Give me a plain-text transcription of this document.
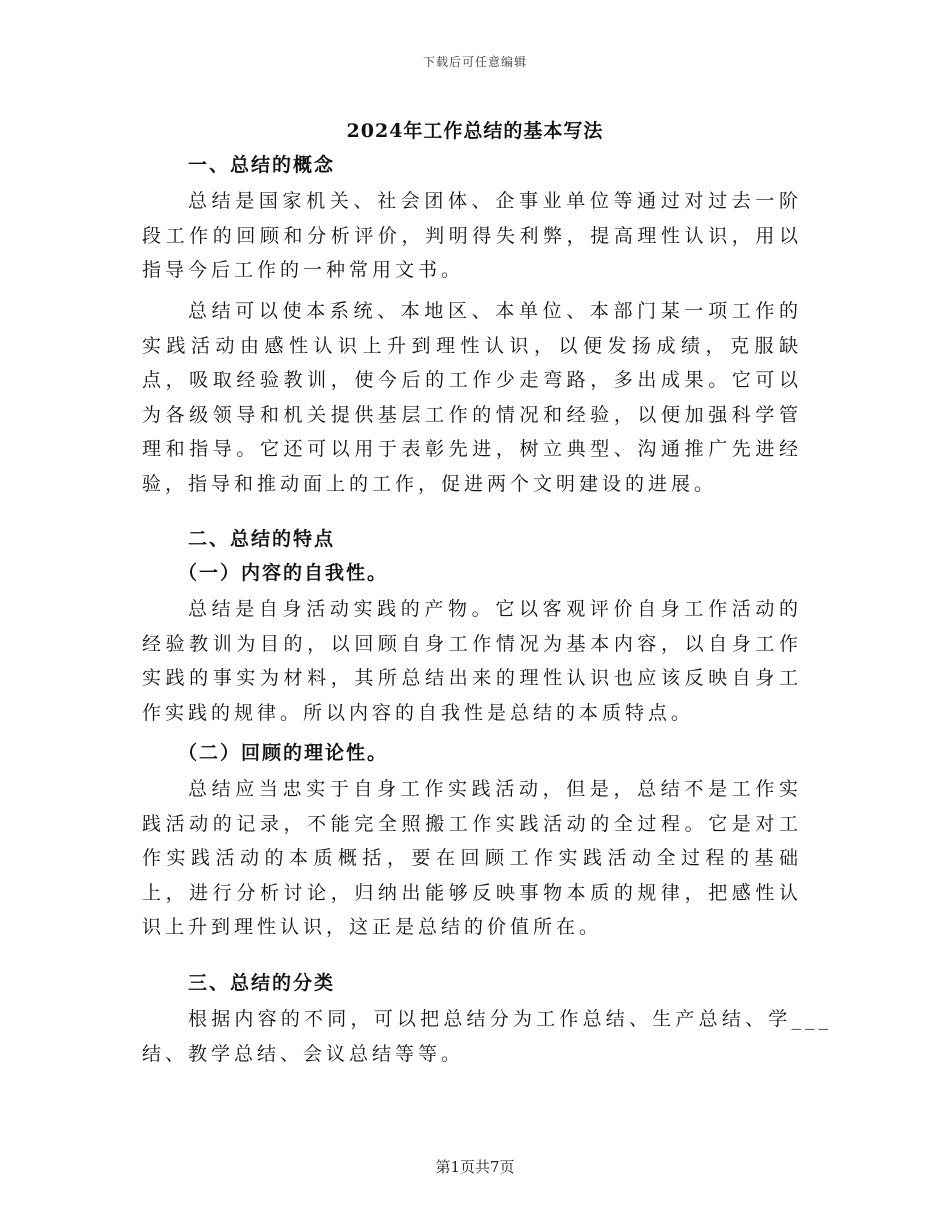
下载后可任意编辑
2024年工作总结的基本写法
一、总结的概念

总结是国家机关、社会团体、企事业单位等通过对过去一阶段工作的回顾和分析评价，判明得失利弊，提高理性认识，用以指导今后工作的一种常用文书。

总结可以使本系统、本地区、本单位、本部门某一项工作的实践活动由感性认识上升到理性认识，以便发扬成绩，克服缺点，吸取经验教训，使今后的工作少走弯路，多出成果。它可以为各级领导和机关提供基层工作的情况和经验，以便加强科学管理和指导。它还可以用于表彰先进，树立典型、沟通推广先进经验，指导和推动面上的工作，促进两个文明建设的进展。

二、总结的特点
（一）内容的自我性。

总结是自身活动实践的产物。它以客观评价自身工作活动的经验教训为目的，以回顾自身工作情况为基本内容，以自身工作实践的事实为材料，其所总结出来的理性认识也应该反映自身工作实践的规律。所以内容的自我性是总结的本质特点。

（二）回顾的理论性。

总结应当忠实于自身工作实践活动，但是，总结不是工作实践活动的记录，不能完全照搬工作实践活动的全过程。它是对工作实践活动的本质概括，要在回顾工作实践活动全过程的基础上，进行分析讨论，归纳出能够反映事物本质的规律，把感性认识上升到理性认识，这正是总结的价值所在。

三、总结的分类

根据内容的不同，可以把总结分为工作总结、生产总结、学___结、教学总结、会议总结等等。

第1页共7页
